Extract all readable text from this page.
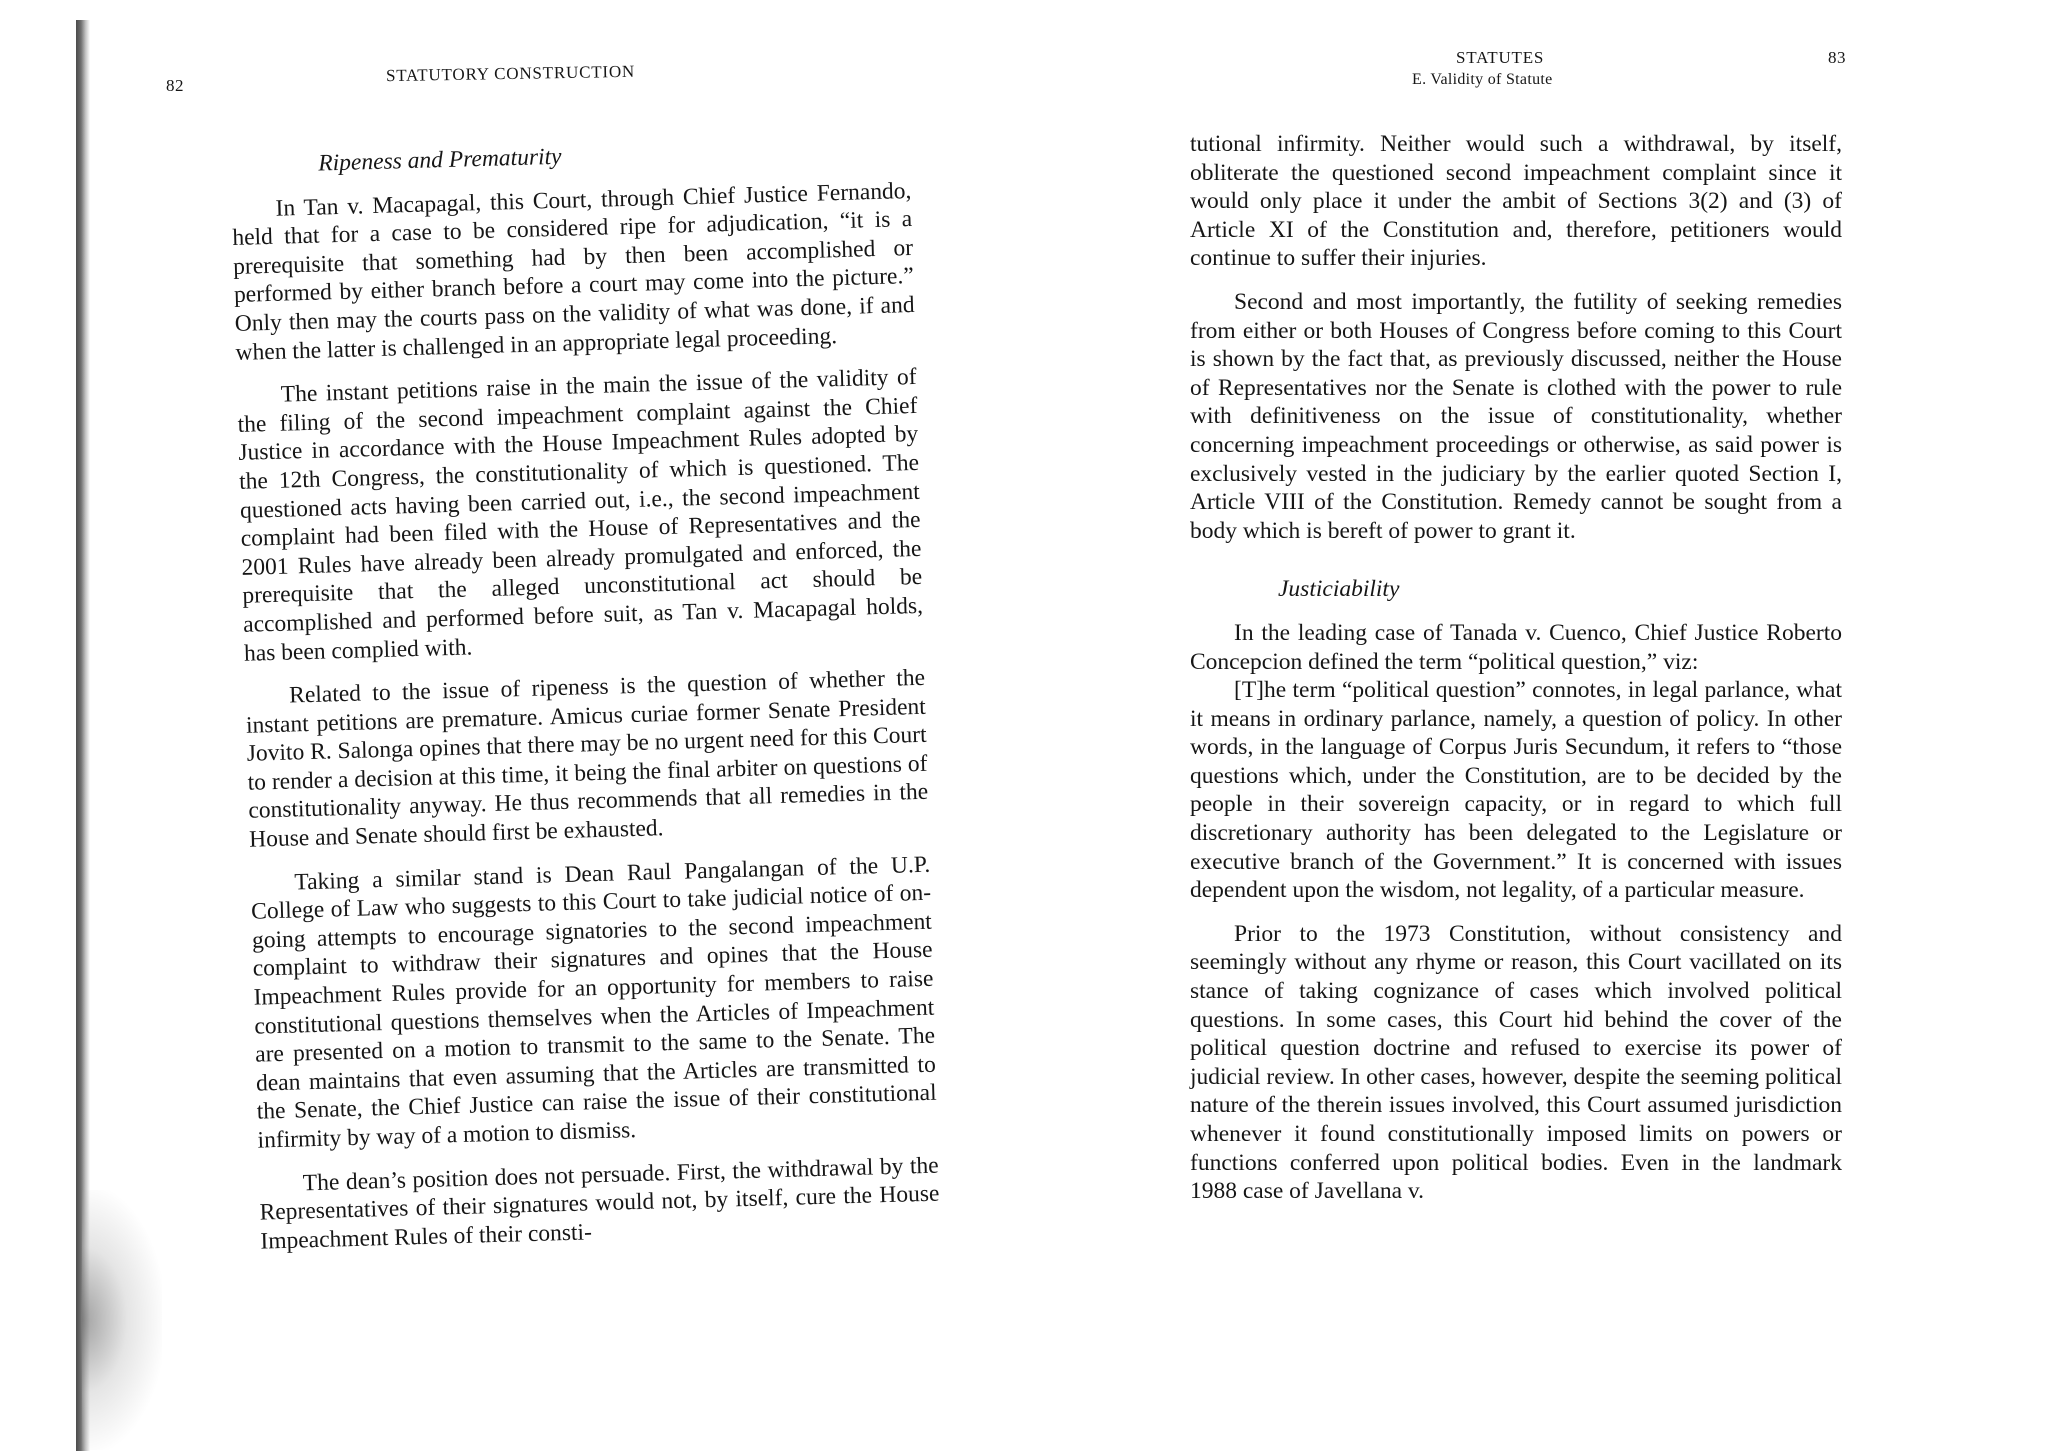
82
STATUTORY CONSTRUCTION

Ripeness and Prematurity

In Tan v. Macapagal, this Court, through Chief Justice Fernando, held that for a case to be considered ripe for adjudication, “it is a prerequisite that something had by then been accomplished or performed by either branch before a court may come into the picture.” Only then may the courts pass on the validity of what was done, if and when the latter is challenged in an appropriate legal proceeding.

The instant petitions raise in the main the issue of the validity of the filing of the second impeachment complaint against the Chief Justice in accordance with the House Impeachment Rules adopted by the 12th Congress, the constitutionality of which is questioned. The questioned acts having been carried out, i.e., the second impeachment complaint had been filed with the House of Representatives and the 2001 Rules have already been already promulgated and enforced, the prerequisite that the alleged unconstitutional act should be accomplished and performed before suit, as Tan v. Macapagal holds, has been complied with.

Related to the issue of ripeness is the question of whether the instant petitions are premature. Amicus curiae former Senate President Jovito R. Salonga opines that there may be no urgent need for this Court to render a decision at this time, it being the final arbiter on questions of constitutionality anyway. He thus recommends that all remedies in the House and Senate should first be exhausted.

Taking a similar stand is Dean Raul Pangalangan of the U.P. College of Law who suggests to this Court to take judicial notice of on-going attempts to encourage signatories to the second impeachment complaint to withdraw their signatures and opines that the House Impeachment Rules provide for an opportunity for members to raise constitutional questions themselves when the Articles of Impeachment are presented on a motion to transmit to the same to the Senate. The dean maintains that even assuming that the Articles are transmitted to the Senate, the Chief Justice can raise the issue of their constitutional infirmity by way of a motion to dismiss.

The dean’s position does not persuade. First, the withdrawal by the Representatives of their signatures would not, by itself, cure the House Impeachment Rules of their consti-

STATUTES
E. Validity of Statute
83

tutional infirmity. Neither would such a withdrawal, by itself, obliterate the questioned second impeachment complaint since it would only place it under the ambit of Sections 3(2) and (3) of Article XI of the Constitution and, therefore, petitioners would continue to suffer their injuries.

Second and most importantly, the futility of seeking remedies from either or both Houses of Congress before coming to this Court is shown by the fact that, as previously discussed, neither the House of Representatives nor the Senate is clothed with the power to rule with definitiveness on the issue of constitutionality, whether concerning impeachment proceedings or otherwise, as said power is exclusively vested in the judiciary by the earlier quoted Section I, Article VIII of the Constitution. Remedy cannot be sought from a body which is bereft of power to grant it.

Justiciability

In the leading case of Tanada v. Cuenco, Chief Justice Roberto Concepcion defined the term “political question,” viz:

[T]he term “political question” connotes, in legal parlance, what it means in ordinary parlance, namely, a question of policy. In other words, in the language of Corpus Juris Secundum, it refers to “those questions which, under the Constitution, are to be decided by the people in their sovereign capacity, or in regard to which full discretionary authority has been delegated to the Legislature or executive branch of the Government.” It is concerned with issues dependent upon the wisdom, not legality, of a particular measure.

Prior to the 1973 Constitution, without consistency and seemingly without any rhyme or reason, this Court vacillated on its stance of taking cognizance of cases which involved political questions. In some cases, this Court hid behind the cover of the political question doctrine and refused to exercise its power of judicial review. In other cases, however, despite the seeming political nature of the therein issues involved, this Court assumed jurisdiction whenever it found constitutionally imposed limits on powers or functions conferred upon political bodies. Even in the landmark 1988 case of Javellana v.
